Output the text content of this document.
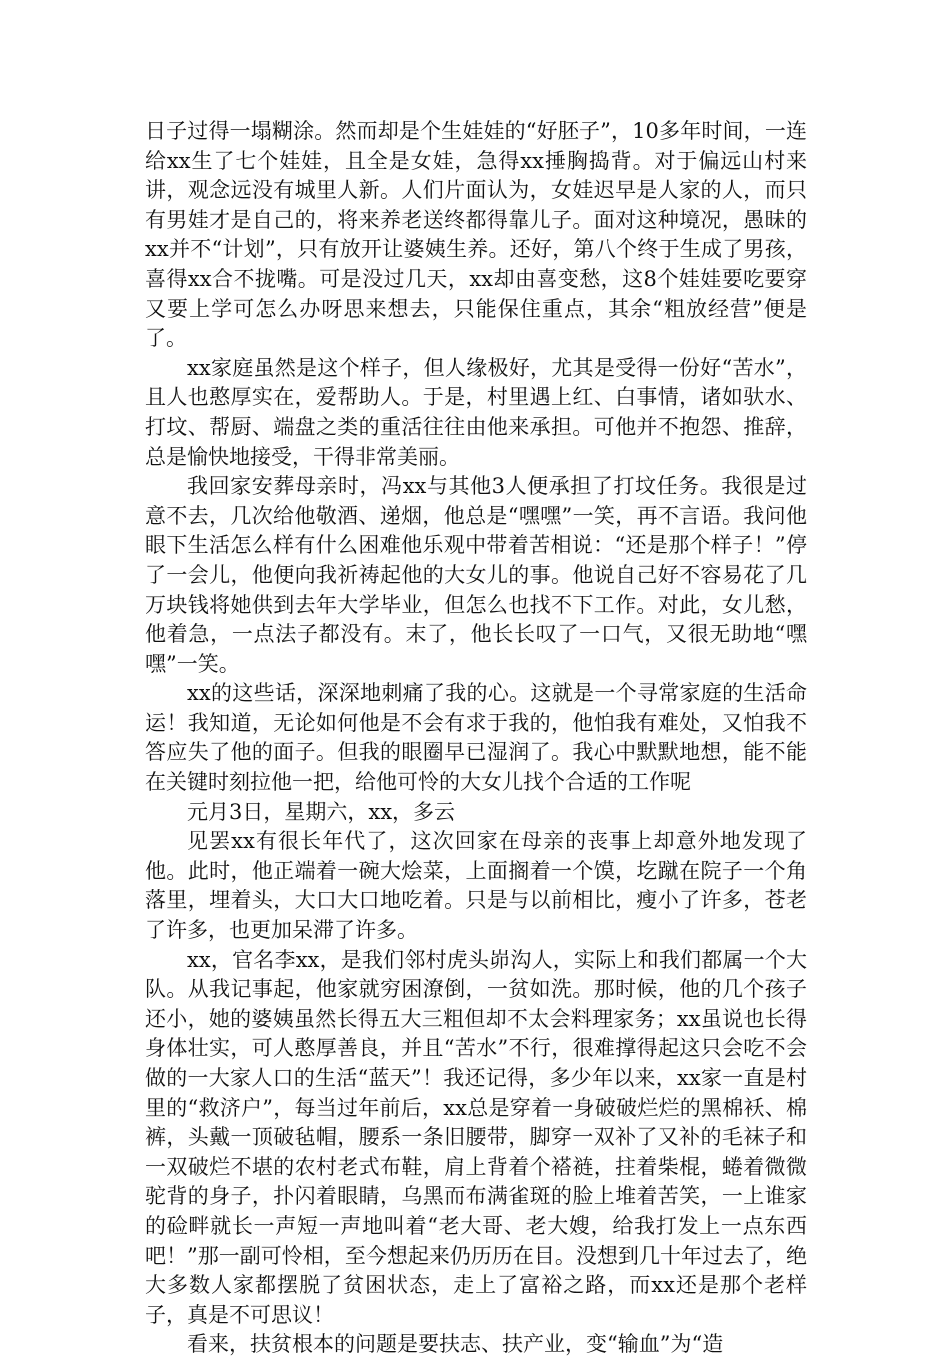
日子过得一塌糊涂。然而却是个生娃娃的“好胚子”，10多年时间，一连给xx生了七个娃娃，且全是女娃，急得xx捶胸捣背。对于偏远山村来讲，观念远没有城里人新。人们片面认为，女娃迟早是人家的人，而只有男娃才是自己的，将来养老送终都得靠儿子。面对这种境况，愚昧的xx并不“计划”，只有放开让婆姨生养。还好，第八个终于生成了男孩，喜得xx合不拢嘴。可是没过几天，xx却由喜变愁，这8个娃娃要吃要穿又要上学可怎么办呀思来想去，只能保住重点，其余“粗放经营”便是了。

xx家庭虽然是这个样子，但人缘极好，尤其是受得一份好“苦水”，且人也憨厚实在，爱帮助人。于是，村里遇上红、白事情，诸如驮水、打坟、帮厨、端盘之类的重活往往由他来承担。可他并不抱怨、推辞，总是愉快地接受，干得非常美丽。

我回家安葬母亲时，冯xx与其他3人便承担了打坟任务。我很是过意不去，几次给他敬酒、递烟，他总是“嘿嘿”一笑，再不言语。我问他眼下生活怎么样有什么困难他乐观中带着苦相说：“还是那个样子！”停了一会儿，他便向我祈祷起他的大女儿的事。他说自己好不容易花了几万块钱将她供到去年大学毕业，但怎么也找不下工作。对此，女儿愁，他着急，一点法子都没有。末了，他长长叹了一口气，又很无助地“嘿嘿”一笑。

xx的这些话，深深地刺痛了我的心。这就是一个寻常家庭的生活命运！我知道，无论如何他是不会有求于我的，他怕我有难处，又怕我不答应失了他的面子。但我的眼圈早已湿润了。我心中默默地想，能不能在关键时刻拉他一把，给他可怜的大女儿找个合适的工作呢

元月3日，星期六，xx，多云

见罢xx有很长年代了，这次回家在母亲的丧事上却意外地发现了他。此时，他正端着一碗大烩菜，上面搁着一个馍，圪蹴在院子一个角落里，埋着头，大口大口地吃着。只是与以前相比，瘦小了许多，苍老了许多，也更加呆滞了许多。

xx，官名李xx，是我们邻村虎头峁沟人，实际上和我们都属一个大队。从我记事起，他家就穷困潦倒，一贫如洗。那时候，他的几个孩子还小，她的婆姨虽然长得五大三粗但却不太会料理家务；xx虽说也长得身体壮实，可人憨厚善良，并且“苦水”不行，很难撑得起这只会吃不会做的一大家人口的生活“蓝天”！我还记得，多少年以来，xx家一直是村里的“救济户”，每当过年前后，xx总是穿着一身破破烂烂的黑棉袄、棉裤，头戴一顶破毡帽，腰系一条旧腰带，脚穿一双补了又补的毛袜子和一双破烂不堪的农村老式布鞋，肩上背着个褡裢，拄着柴棍，蜷着微微驼背的身子，扑闪着眼睛，乌黑而布满雀斑的脸上堆着苦笑，一上谁家的硷畔就长一声短一声地叫着“老大哥、老大嫂，给我打发上一点东西吧！”那一副可怜相，至今想起来仍历历在目。没想到几十年过去了，绝大多数人家都摆脱了贫困状态，走上了富裕之路，而xx还是那个老样子，真是不可思议！

看来，扶贫根本的问题是要扶志、扶产业，变“输血”为“造
